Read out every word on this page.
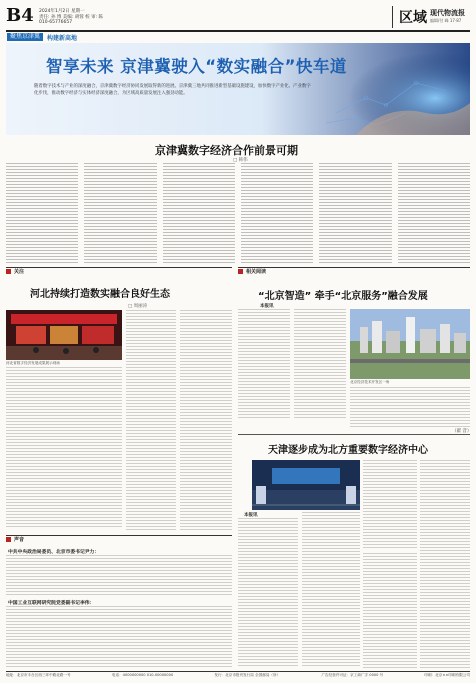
B4 2024年1月2日 星期一
责任: 孙 博 美编: 胡蓉 校 审: 陈
010-65776657	区域 现代物流报
编辑/付 峰 17·87
聚焦京津冀	构建新高地
智享未来 京津冀驶入“数实融合”快车道
随着数字技术与产业的深度融合，京津冀数字经济协同发展取得新的进展。京津冀三地共同推进新型基础设施建设，加快数字产业化、产业数字化步伐，推动数字经济与实体经济深度融合，为区域高质量发展注入强劲动能。
京津冀数字经济合作前景可期
□ 韩伟
关注	相关阅读
河北持续打造数实融合良好生态
□ 周丽涛
河北省数字经济发展成果展示现场
“北京智造” 牵手“北京服务”融合发展
本报讯
北京经济技术开发区一角
（翟 音）
天津逐步成为北方重要数字经济中心
本报讯
声音
中共中央政治局委员、北京市委书记尹力：
中国工业互联网研究院党委副书记李伟：
地址：北京市丰台区西三环中路北路一号	电话：4000000000 010-00000000	发行：北京市报刊发行局 全国邮局（所）	广告经营许可证：京工商广字 0000 号	印刷：北京××印刷有限公司
